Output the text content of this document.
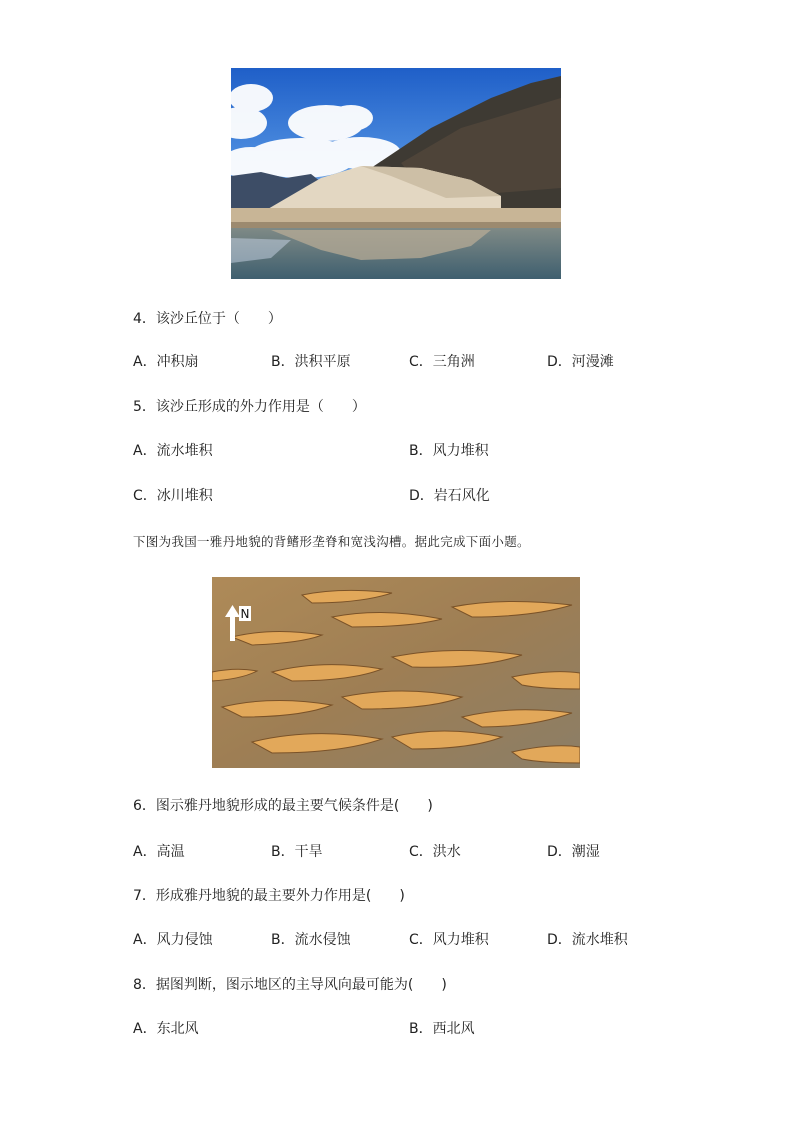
4．该沙丘位于（　　）
A．冲积扇	B．洪积平原	C．三角洲	D．河漫滩
5．该沙丘形成的外力作用是（　　）
A．流水堆积	B．风力堆积
C．冰川堆积	D．岩石风化
下图为我国一雅丹地貌的背鳍形垄脊和宽浅沟槽。据此完成下面小题。
N
6．图示雅丹地貌形成的最主要气候条件是(　　)
A．高温	B．干旱	C．洪水	D．潮湿
7．形成雅丹地貌的最主要外力作用是(　　)
A．风力侵蚀	B．流水侵蚀	C．风力堆积	D．流水堆积
8．据图判断，图示地区的主导风向最可能为(　　)
A．东北风	B．西北风
